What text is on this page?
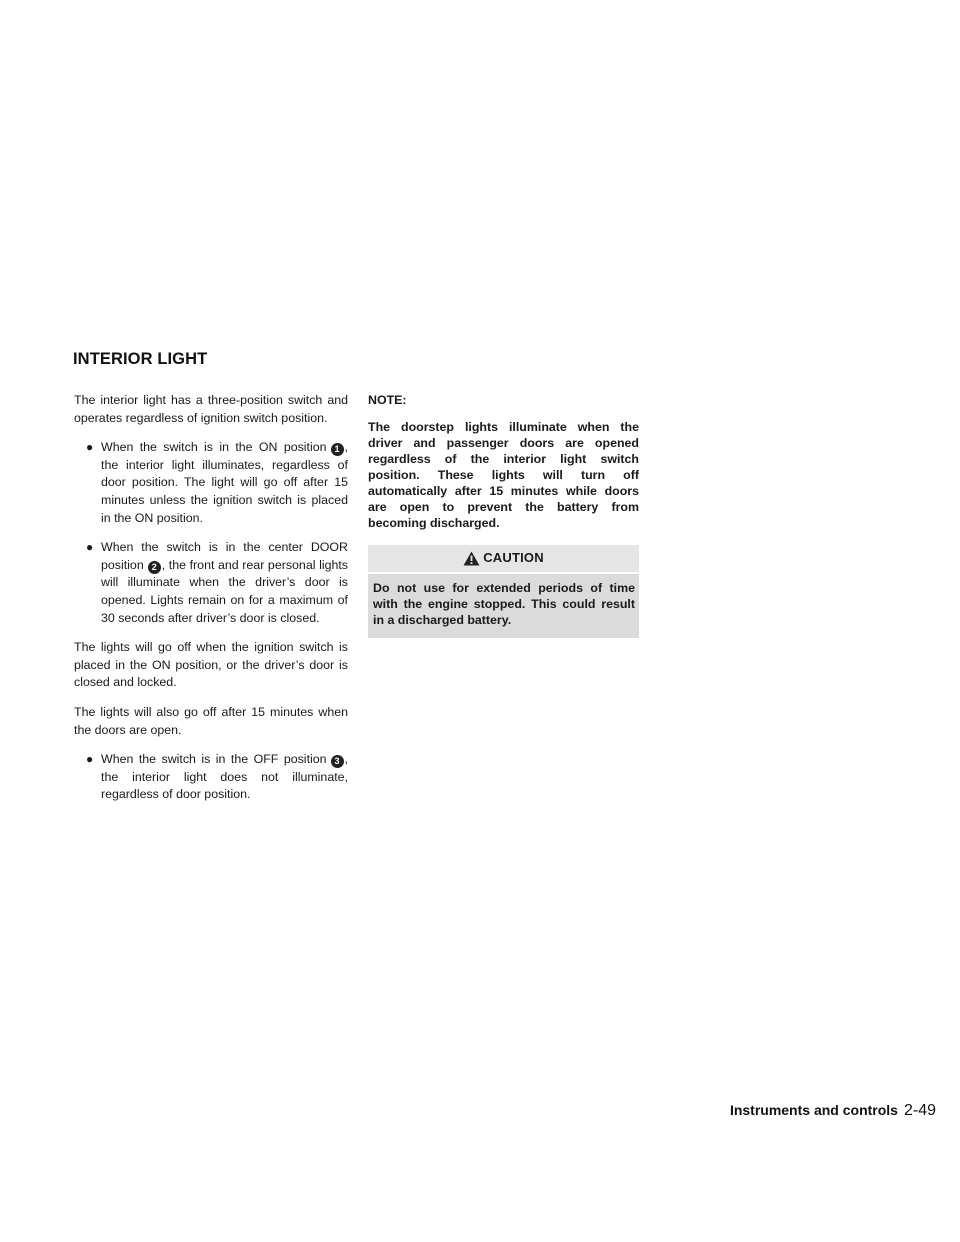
INTERIOR LIGHT

The interior light has a three-position switch and operates regardless of ignition switch position.

● When the switch is in the ON position 1 , the interior light illuminates, regardless of door position. The light will go off after 15 minutes unless the ignition switch is placed in the ON position.
● When the switch is in the center DOOR position 2 , the front and rear personal lights will illuminate when the driver’s door is opened. Lights remain on for a maximum of 30 seconds after driver’s door is closed.

The lights will go off when the ignition switch is placed in the ON position, or the driver’s door is closed and locked.

The lights will also go off after 15 minutes when the doors are open.

● When the switch is in the OFF position 3 , the interior light does not illuminate, regardless of door position.

NOTE:

The doorstep lights illuminate when the driver and passenger doors are opened regardless of the interior light switch position. These lights will turn off automatically after 15 minutes while doors are open to prevent the battery from becoming discharged.

CAUTION

Do not use for extended periods of time with the engine stopped. This could result in a discharged battery.

Instruments and controls 2-49
